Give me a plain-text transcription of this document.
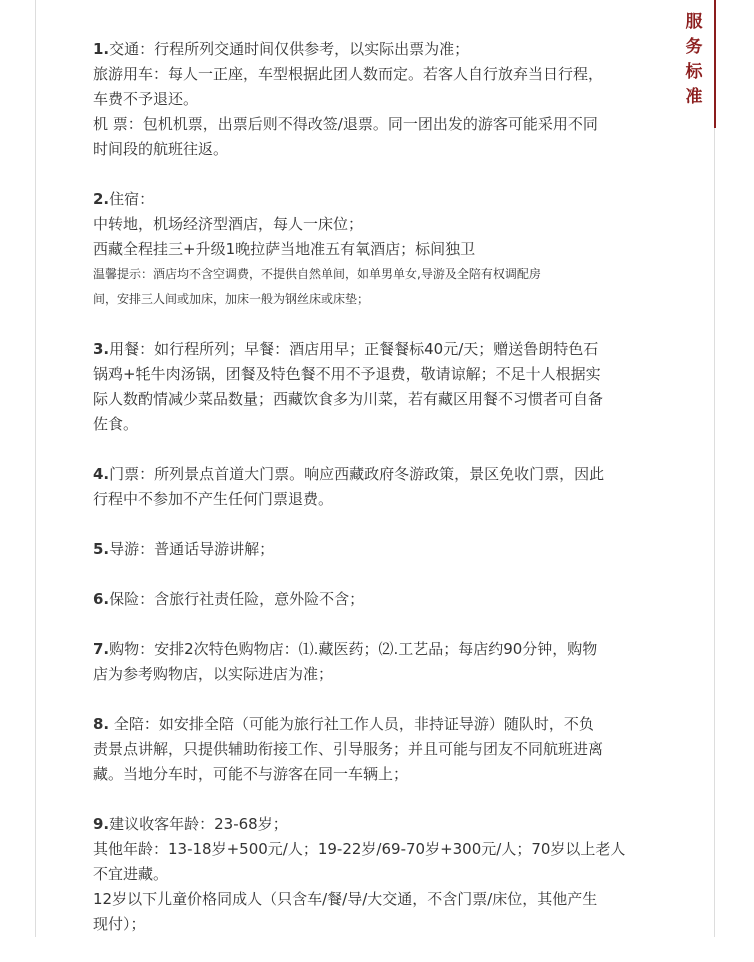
服
务
标
准
1.交通：行程所列交通时间仅供参考，以实际出票为准；
旅游用车：每人一正座，车型根据此团人数而定。若客人自行放弃当日行程，
车费不予退还。
机 票：包机机票，出票后则不得改签/退票。同一团出发的游客可能采用不同
时间段的航班往返。
2.住宿：
中转地，机场经济型酒店，每人一床位；
西藏全程挂三+升级1晚拉萨当地准五有氧酒店；标间独卫
温馨提示：酒店均不含空调费，不提供自然单间，如单男单女,导游及全陪有权调配房
间，安排三人间或加床，加床一般为钢丝床或床垫；
3.用餐：如行程所列；早餐：酒店用早；正餐餐标40元/天；赠送鲁朗特色石
锅鸡+牦牛肉汤锅，团餐及特色餐不用不予退费，敬请谅解；不足十人根据实
际人数酌情减少菜品数量；西藏饮食多为川菜，若有藏区用餐不习惯者可自备
佐食。
4.门票：所列景点首道大门票。响应西藏政府冬游政策，景区免收门票，因此
行程中不参加不产生任何门票退费。
5.导游：普通话导游讲解；
6.保险：含旅行社责任险，意外险不含；
7.购物：安排2次特色购物店：⑴.藏医药；⑵.工艺品；每店约90分钟，购物
店为参考购物店，以实际进店为准；
8. 全陪：如安排全陪（可能为旅行社工作人员，非持证导游）随队时，不负
责景点讲解，只提供辅助衔接工作、引导服务；并且可能与团友不同航班进离
藏。当地分车时，可能不与游客在同一车辆上；
9.建议收客年龄：23-68岁；
其他年龄：13-18岁+500元/人；19-22岁/69-70岁+300元/人；70岁以上老人
不宜进藏。
12岁以下儿童价格同成人（只含车/餐/导/大交通，不含门票/床位，其他产生
现付）；
